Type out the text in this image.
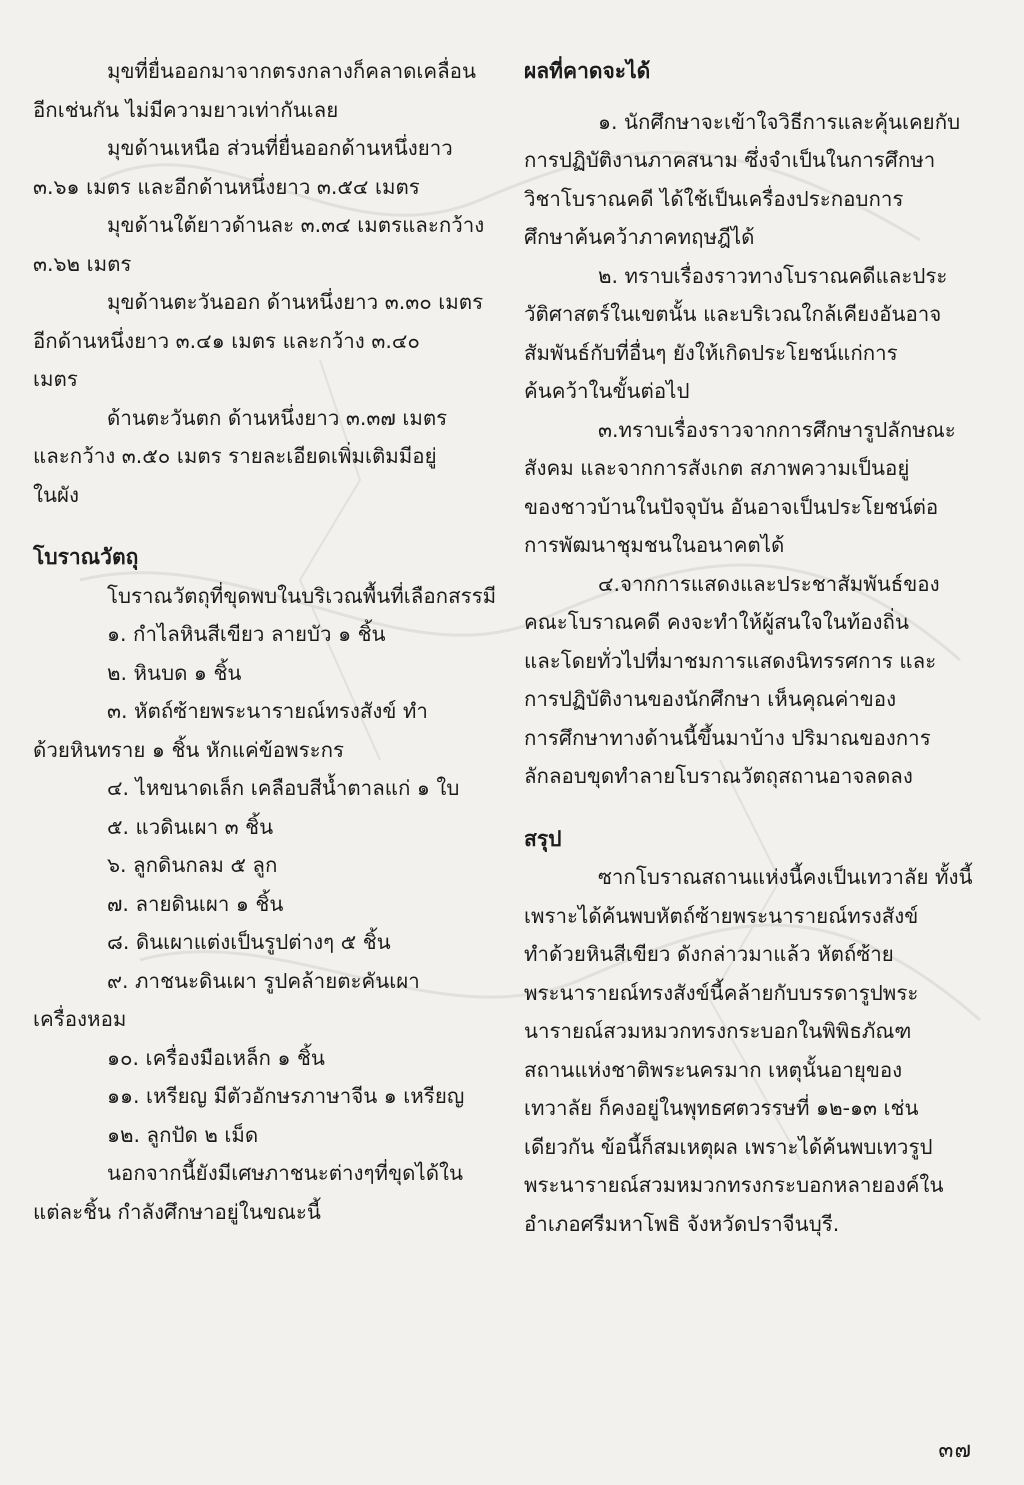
มุขที่ยื่นออกมาจากตรงกลางก็คลาดเคลื่อน
อีกเช่นกัน ไม่มีความยาวเท่ากันเลย
มุขด้านเหนือ ส่วนที่ยื่นออกด้านหนึ่งยาว
๓.๖๑ เมตร และอีกด้านหนึ่งยาว ๓.๕๔ เมตร
มุขด้านใต้ยาวด้านละ ๓.๓๔ เมตรและกว้าง
๓.๖๒ เมตร
มุขด้านตะวันออก ด้านหนึ่งยาว ๓.๓๐ เมตร
อีกด้านหนึ่งยาว ๓.๔๑ เมตร และกว้าง ๓.๔๐
เมตร
ด้านตะวันตก ด้านหนึ่งยาว ๓.๓๗ เมตร
และกว้าง ๓.๕๐ เมตร รายละเอียดเพิ่มเติมมีอยู่
ในผัง
โบราณวัตถุ
โบราณวัตถุที่ขุดพบในบริเวณพื้นที่เลือกสรรมี
๑. กำไลหินสีเขียว ลายบัว ๑ ชิ้น
๒. หินบด ๑ ชิ้น
๓. หัตถ์ซ้ายพระนารายณ์ทรงสังข์ ทำ
ด้วยหินทราย ๑ ชิ้น หักแค่ข้อพระกร
๔. ไหขนาดเล็ก เคลือบสีน้ำตาลแก่ ๑ ใบ
๕. แวดินเผา ๓ ชิ้น
๖. ลูกดินกลม ๕ ลูก
๗. ลายดินเผา ๑ ชิ้น
๘. ดินเผาแต่งเป็นรูปต่างๆ ๕ ชิ้น
๙. ภาชนะดินเผา รูปคล้ายตะคันเผา
เครื่องหอม
๑๐. เครื่องมือเหล็ก ๑ ชิ้น
๑๑. เหรียญ มีตัวอักษรภาษาจีน ๑ เหรียญ
๑๒. ลูกปัด ๒ เม็ด
นอกจากนี้ยังมีเศษภาชนะต่างๆที่ขุดได้ใน
แต่ละชิ้น กำลังศึกษาอยู่ในขณะนี้
ผลที่คาดจะได้
๑. นักศึกษาจะเข้าใจวิธีการและคุ้นเคยกับ
การปฏิบัติงานภาคสนาม ซึ่งจำเป็นในการศึกษา
วิชาโบราณคดี ได้ใช้เป็นเครื่องประกอบการ
ศึกษาค้นคว้าภาคทฤษฎีได้
๒. ทราบเรื่องราวทางโบราณคดีและประ
วัติศาสตร์ในเขตนั้น และบริเวณใกล้เคียงอันอาจ
สัมพันธ์กับที่อื่นๆ ยังให้เกิดประโยชน์แก่การ
ค้นคว้าในขั้นต่อไป
๓.ทราบเรื่องราวจากการศึกษารูปลักษณะ
สังคม และจากการสังเกต สภาพความเป็นอยู่
ของชาวบ้านในปัจจุบัน อันอาจเป็นประโยชน์ต่อ
การพัฒนาชุมชนในอนาคตได้
๔.จากการแสดงและประชาสัมพันธ์ของ
คณะโบราณคดี คงจะทำให้ผู้สนใจในท้องถิ่น
และโดยทั่วไปที่มาชมการแสดงนิทรรศการ และ
การปฏิบัติงานของนักศึกษา เห็นคุณค่าของ
การศึกษาทางด้านนี้ขึ้นมาบ้าง ปริมาณของการ
ลักลอบขุดทำลายโบราณวัตถุสถานอาจลดลง
สรุป
ซากโบราณสถานแห่งนี้คงเป็นเทวาลัย ทั้งนี้
เพราะได้ค้นพบหัตถ์ซ้ายพระนารายณ์ทรงสังข์
ทำด้วยหินสีเขียว ดังกล่าวมาแล้ว หัตถ์ซ้าย
พระนารายณ์ทรงสังข์นี้คล้ายกับบรรดารูปพระ
นารายณ์สวมหมวกทรงกระบอกในพิพิธภัณฑ
สถานแห่งชาติพระนครมาก เหตุนั้นอายุของ
เทวาลัย ก็คงอยู่ในพุทธศตวรรษที่ ๑๒-๑๓ เช่น
เดียวกัน ข้อนี้ก็สมเหตุผล เพราะได้ค้นพบเทวรูป
พระนารายณ์สวมหมวกทรงกระบอกหลายองค์ใน
อำเภอศรีมหาโพธิ จังหวัดปราจีนบุรี.
๓๗
